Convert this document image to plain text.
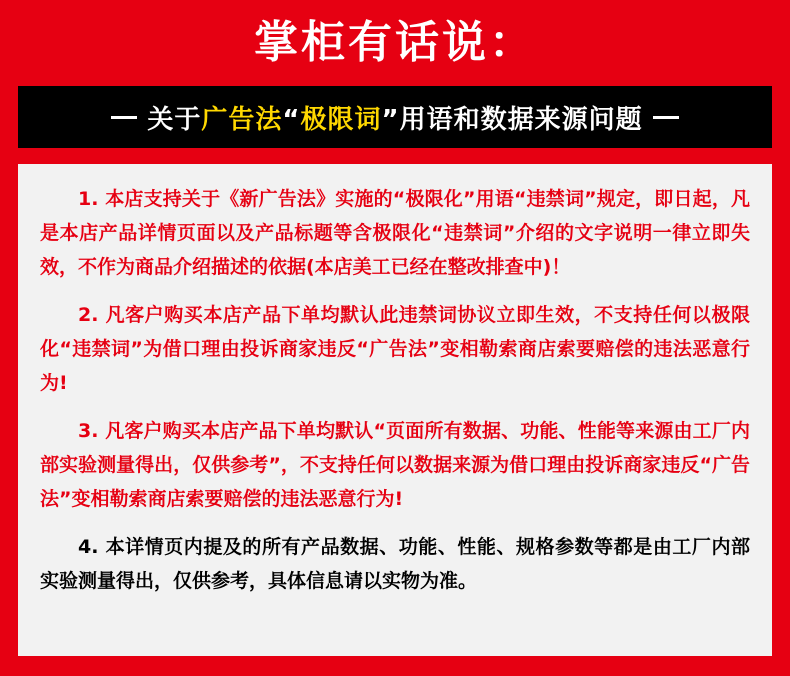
掌柜有话说：
关于广告法“极限词”用语和数据来源问题

1. 本店支持关于《新广告法》实施的“极限化”用语“违禁词”规定，即日起，凡是本店产品详情页面以及产品标题等含极限化“违禁词”介绍的文字说明一律立即失效，不作为商品介绍描述的依据(本店美工已经在整改排查中)！

2. 凡客户购买本店产品下单均默认此违禁词协议立即生效，不支持任何以极限化“违禁词”为借口理由投诉商家违反“广告法”变相勒索商店索要赔偿的违法恶意行为!

3. 凡客户购买本店产品下单均默认“页面所有数据、功能、性能等来源由工厂内部实验测量得出，仅供参考”，不支持任何以数据来源为借口理由投诉商家违反“广告法”变相勒索商店索要赔偿的违法恶意行为!

4. 本详情页内提及的所有产品数据、功能、性能、规格参数等都是由工厂内部实验测量得出，仅供参考，具体信息请以实物为准。
